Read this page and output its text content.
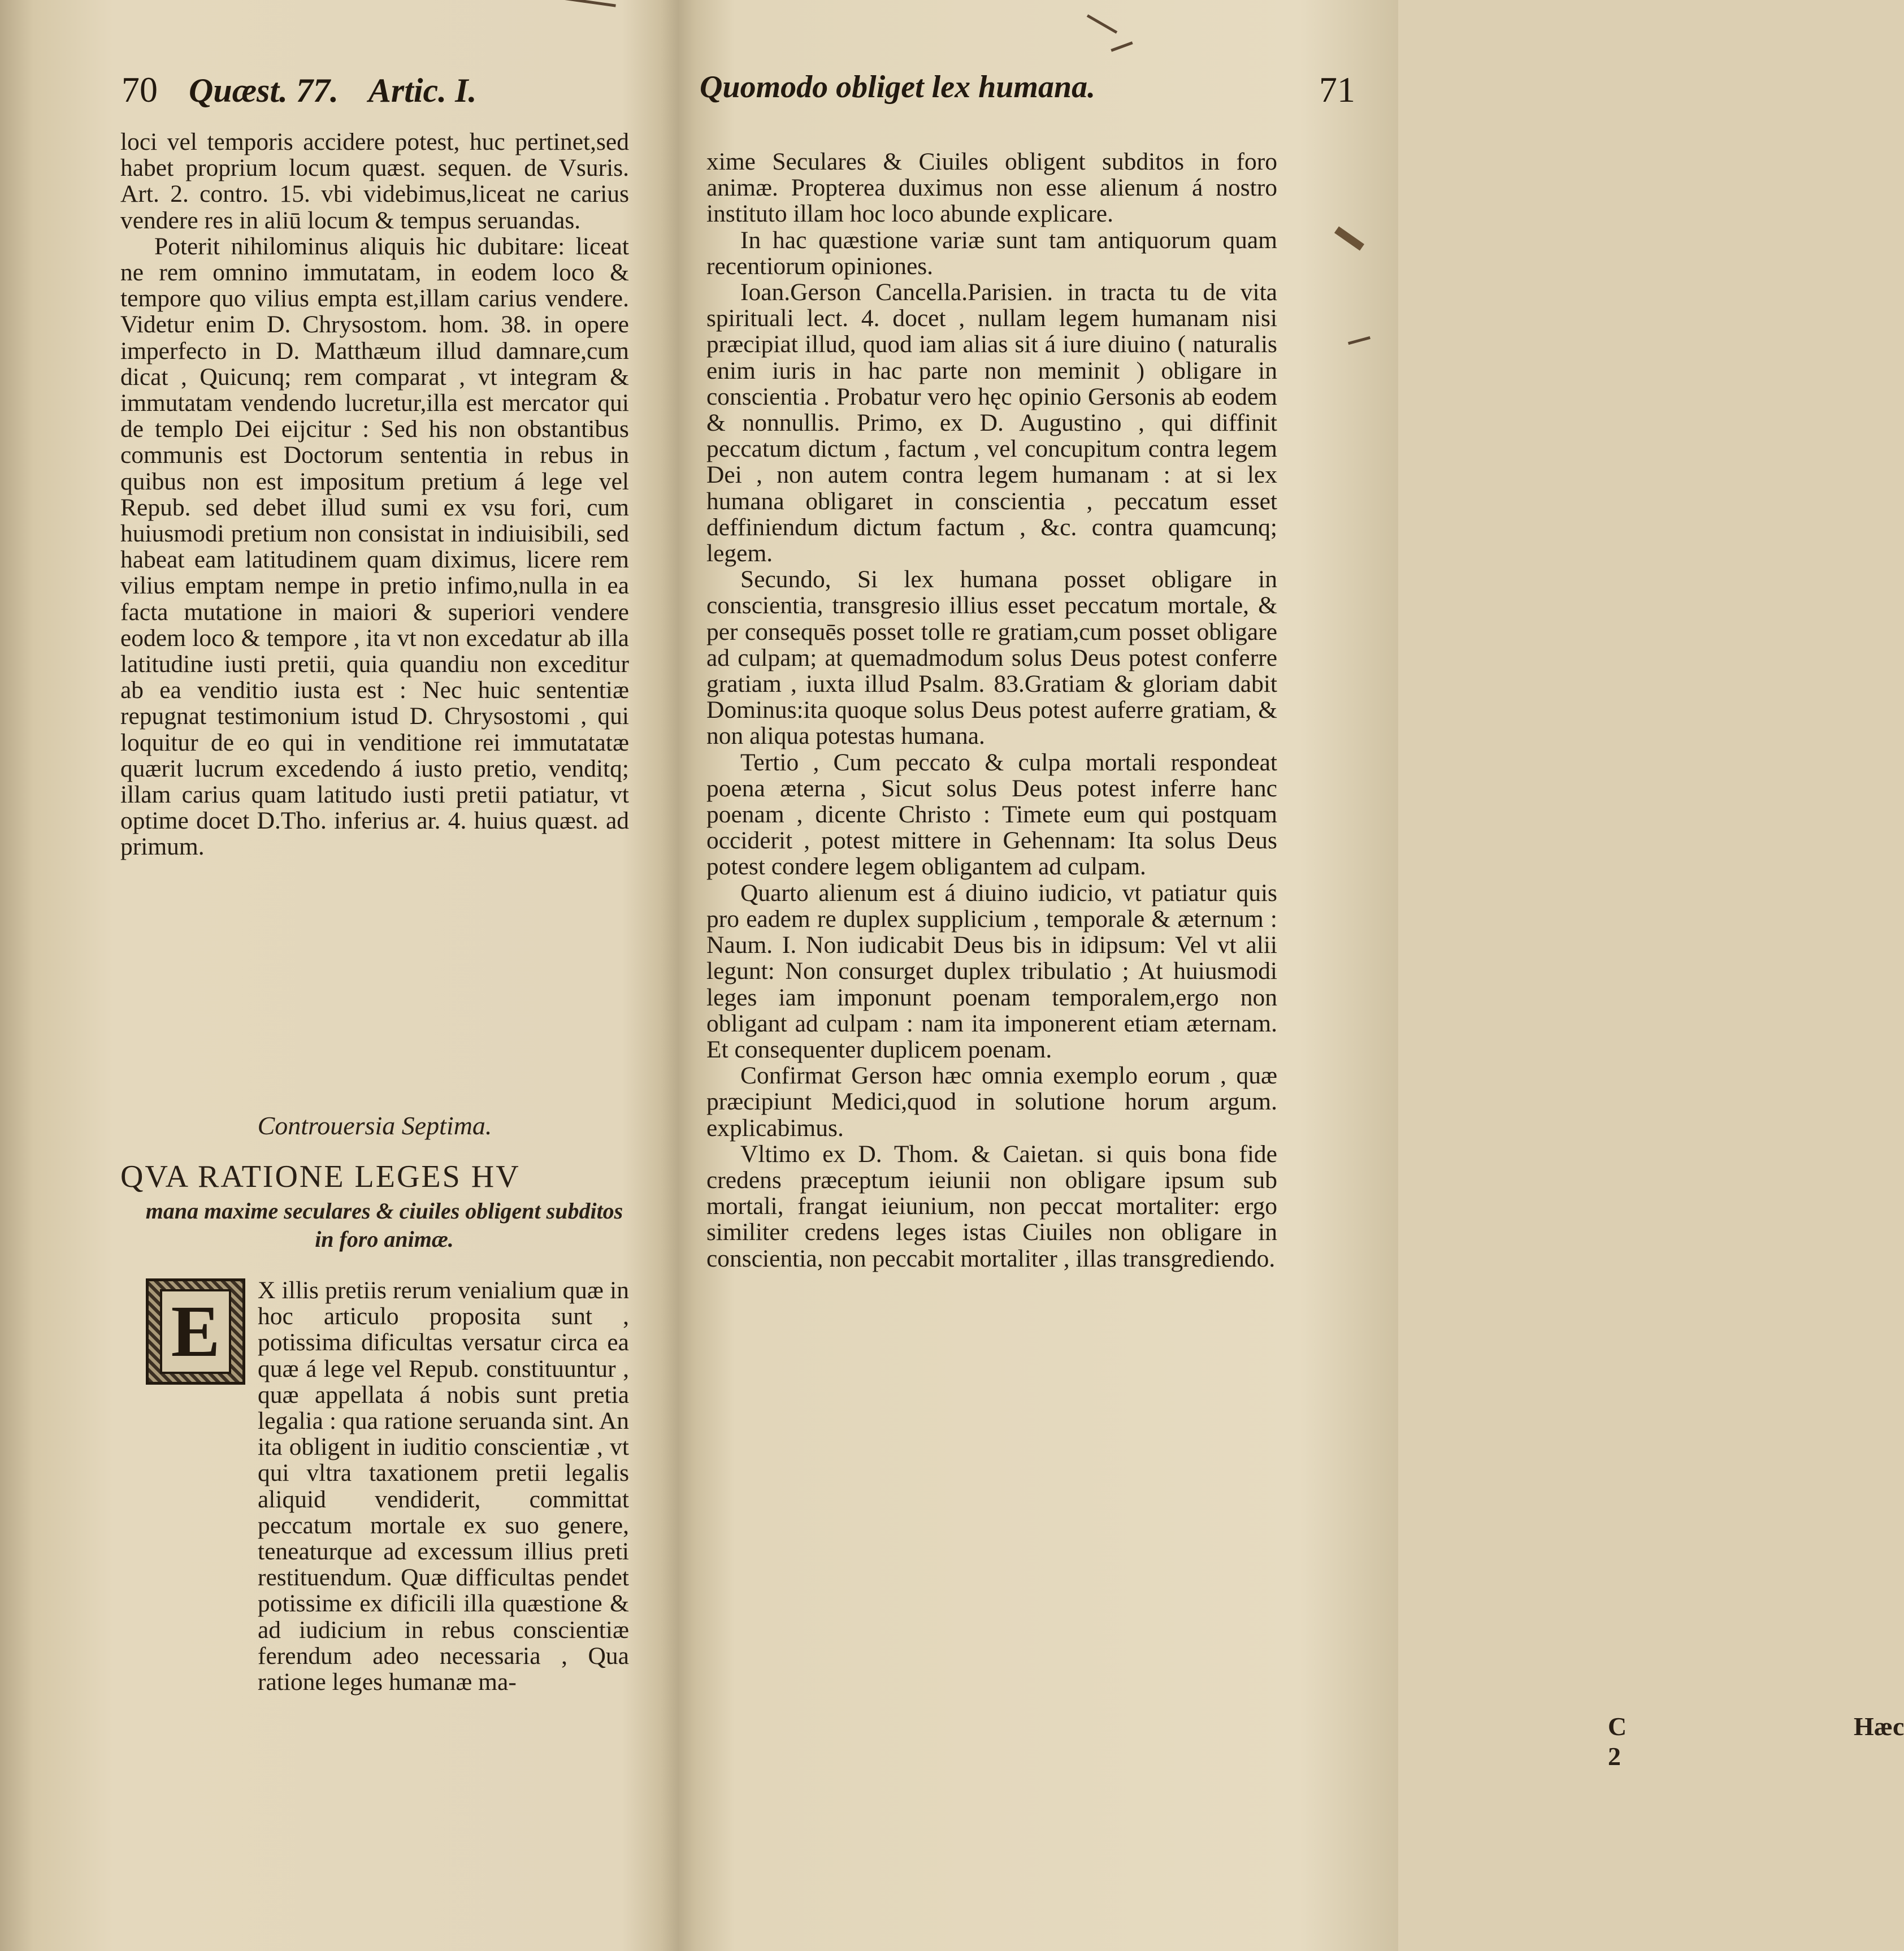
70 Quæst. 77. Artic. I.

loci vel temporis accidere potest, huc pertinet,sed habet proprium locum quæst. sequen. de Vsuris. Art. 2. contro. 15. vbi videbimus,liceat ne carius vendere res in aliū locum & tempus seruandas.

Poterit nihilominus aliquis hic dubitare: liceat ne rem omnino immutatam, in eodem loco & tempore quo vilius empta est,illam carius vendere. Videtur enim D. Chrysostom. hom. 38. in opere imperfecto in D. Matthæum illud damnare,cum dicat , Quicunq; rem comparat , vt integram & immutatam vendendo lucretur,illa est mercator qui de templo Dei eijcitur : Sed his non obstantibus communis est Doctorum sententia in rebus in quibus non est impositum pretium á lege vel Repub. sed debet illud sumi ex vsu fori, cum huiusmodi pretium non consistat in indiuisibili, sed habeat eam latitudinem quam diximus, licere rem vilius emptam nempe in pretio infimo,nulla in ea facta mutatione in maiori & superiori vendere eodem loco & tempore , ita vt non excedatur ab illa latitudine iusti pretii, quia quandiu non exceditur ab ea venditio iusta est : Nec huic sententiæ repugnat testimonium istud D. Chrysostomi , qui loquitur de eo qui in venditione rei immutatatæ quærit lucrum excedendo á iusto pretio, venditq; illam carius quam latitudo iusti pretii patiatur, vt optime docet D.Tho. inferius ar. 4. huius quæst. ad primum.

Controuersia Septima.
QVA RATIONE LEGES HV
mana maxime seculares & ciuiles obligent subditos in foro animæ.
E

X illis pretiis rerum venialium quæ in hoc articulo proposita sunt , potissima dificultas versatur circa ea quæ á lege vel Repub. constituuntur , quæ appellata á nobis sunt pretia legalia : qua ratione seruanda sint. An ita obligent in iuditio conscientiæ , vt qui vltra taxationem pretii legalis aliquid vendiderit, committat peccatum mortale ex suo genere, teneaturque ad excessum illius preti restituendum. Quæ difficultas pendet potissime ex dificili illa quæstione & ad iudicium in rebus conscientiæ ferendum adeo necessaria , Qua ratione leges humanæ ma-

Quomodo obliget lex humana.	71

xime Seculares & Ciuiles obligent subditos in foro animæ. Propterea duximus non esse alienum á nostro instituto illam hoc loco abunde explicare.

In hac quæstione variæ sunt tam antiquorum quam recentiorum opiniones.

Ioan.Gerson Cancella.Parisien. in tracta tu de vita spirituali lect. 4. docet , nullam legem humanam nisi præcipiat illud, quod iam alias sit á iure diuino ( naturalis enim iuris in hac parte non meminit ) obligare in conscientia . Probatur vero hęc opinio Gersonis ab eodem & nonnullis. Primo, ex D. Augustino , qui diffinit peccatum dictum , factum , vel concupitum contra legem Dei , non autem contra legem humanam : at si lex humana obligaret in conscientia , peccatum esset deffiniendum dictum factum , &c. contra quamcunq; legem.

Secundo, Si lex humana posset obligare in conscientia, transgresio illius esset peccatum mortale, & per consequēs posset tolle re gratiam,cum posset obligare ad culpam; at quemadmodum solus Deus potest conferre gratiam , iuxta illud Psalm. 83.Gratiam & gloriam dabit Dominus:ita quoque solus Deus potest auferre gratiam, & non aliqua potestas humana.

Tertio , Cum peccato & culpa mortali respondeat poena æterna , Sicut solus Deus potest inferre hanc poenam , dicente Christo : Timete eum qui postquam occiderit , potest mittere in Gehennam: Ita solus Deus potest condere legem obligantem ad culpam.

Quarto alienum est á diuino iudicio, vt patiatur quis pro eadem re duplex supplicium , temporale & æternum : Naum. I. Non iudicabit Deus bis in idipsum: Vel vt alii legunt: Non consurget duplex tribulatio ; At huiusmodi leges iam imponunt poenam temporalem,ergo non obligant ad culpam : nam ita imponerent etiam æternam. Et consequenter duplicem poenam.

Confirmat Gerson hæc omnia exemplo eorum , quæ præcipiunt Medici,quod in solutione horum argum. explicabimus.

Vltimo ex D. Thom. & Caietan. si quis bona fide credens præceptum ieiunii non obligare ipsum sub mortali, frangat ieiunium, non peccat mortaliter: ergo similiter credens leges istas Ciuiles non obligare in conscientia, non peccabit mortaliter , illas transgrediendo.

C 2
Hæc
